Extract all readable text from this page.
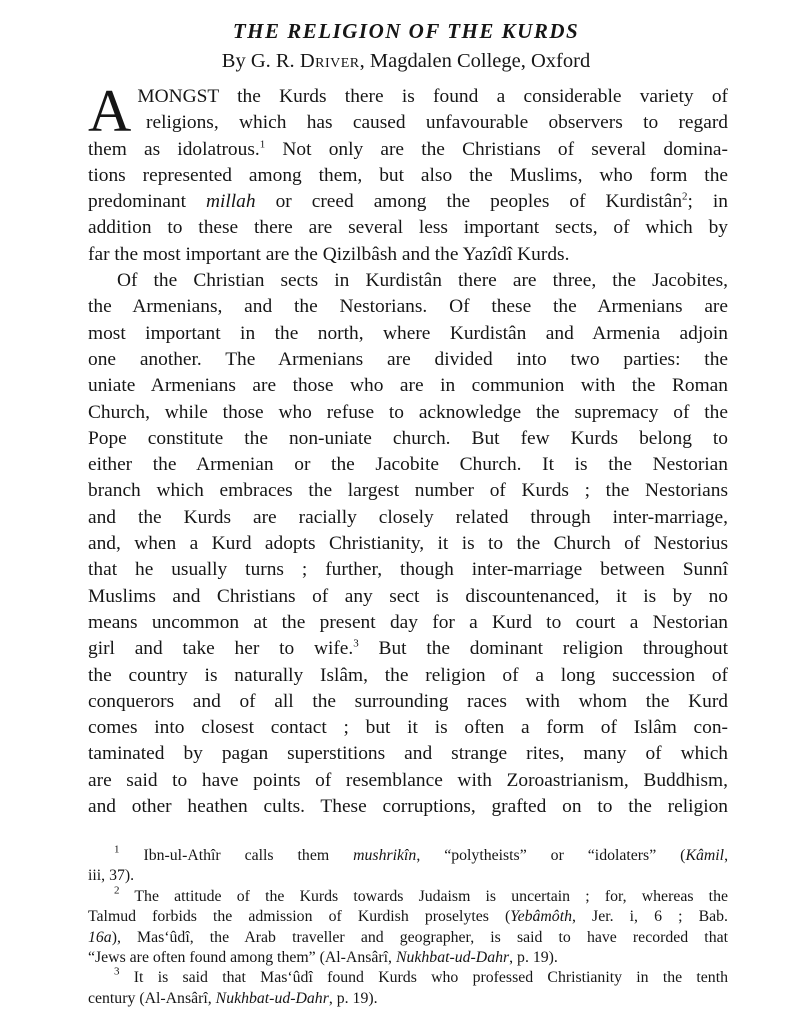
THE RELIGION OF THE KURDS

By G. R. Driver, Magdalen College, Oxford

A MONGST the Kurds there is found a considerable variety of
religions, which has caused unfavourable observers to regard
them as idolatrous.$^1$ Not only are the Christians of several domina-
tions represented among them, but also the Muslims, who form the
predominant millah or creed among the peoples of Kurdistân$^2$; in
addition to these there are several less important sects, of which by
far the most important are the Qizilbâsh and the Yazîdî Kurds.
Of the Christian sects in Kurdistân there are three, the Jacobites,
the Armenians, and the Nestorians. Of these the Armenians are
most important in the north, where Kurdistân and Armenia adjoin
one another. The Armenians are divided into two parties: the
uniate Armenians are those who are in communion with the Roman
Church, while those who refuse to acknowledge the supremacy of the
Pope constitute the non-uniate church. But few Kurds belong to
either the Armenian or the Jacobite Church. It is the Nestorian
branch which embraces the largest number of Kurds ; the Nestorians
and the Kurds are racially closely related through inter-marriage,
and, when a Kurd adopts Christianity, it is to the Church of Nestorius
that he usually turns ; further, though inter-marriage between Sunnî
Muslims and Christians of any sect is discountenanced, it is by no
means uncommon at the present day for a Kurd to court a Nestorian
girl and take her to wife.$^3$ But the dominant religion throughout
the country is naturally Islâm, the religion of a long succession of
conquerors and of all the surrounding races with whom the Kurd
comes into closest contact ; but it is often a form of Islâm con-
taminated by pagan superstitions and strange rites, many of which
are said to have points of resemblance with Zoroastrianism, Buddhism,
and other heathen cults. These corruptions, grafted on to the religion
$^1$ Ibn-ul-Athîr calls them mushrikîn, “polytheists” or “idolaters” (Kâmil,
iii, 37).
$^2$ The attitude of the Kurds towards Judaism is uncertain ; for, whereas the
Talmud forbids the admission of Kurdish proselytes (Yebâmôth, Jer. i, 6 ; Bab.
16a), Mas‘ûdî, the Arab traveller and geographer, is said to have recorded that
“Jews are often found among them” (Al-Ansârî, Nukhbat-ud-Dahr, p. 19).
$^3$ It is said that Mas‘ûdî found Kurds who professed Christianity in the tenth
century (Al-Ansârî, Nukhbat-ud-Dahr, p. 19).
